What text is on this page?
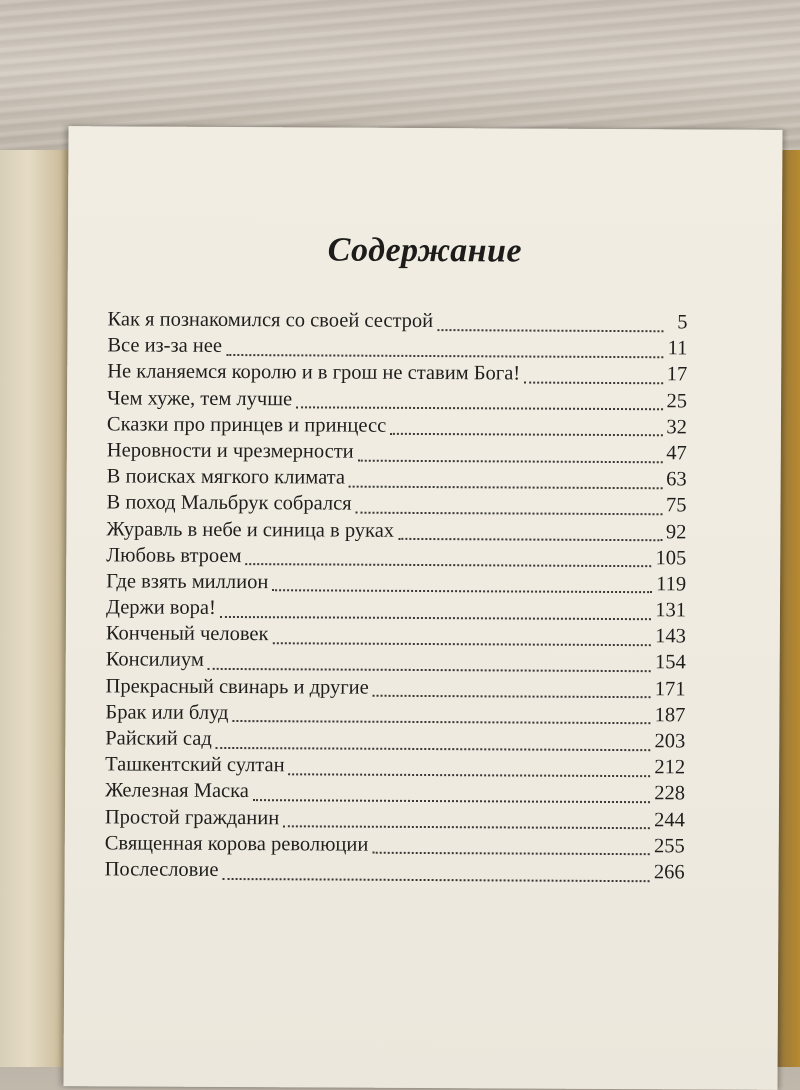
Содержание
Как я познакомился со своей сестрой	5
Все из-за нее	11
Не кланяемся королю и в грош не ставим Бога!	17
Чем хуже, тем лучше	25
Сказки про принцев и принцесс	32
Неровности и чрезмерности	47
В поисках мягкого климата	63
В поход Мальбрук собрался	75
Журавль в небе и синица в руках	92
Любовь втроем	105
Где взять миллион	119
Держи вора!	131
Конченый человек	143
Консилиум	154
Прекрасный свинарь и другие	171
Брак или блуд	187
Райский сад	203
Ташкентский султан	212
Железная Маска	228
Простой гражданин	244
Священная корова революции	255
Послесловие	266
